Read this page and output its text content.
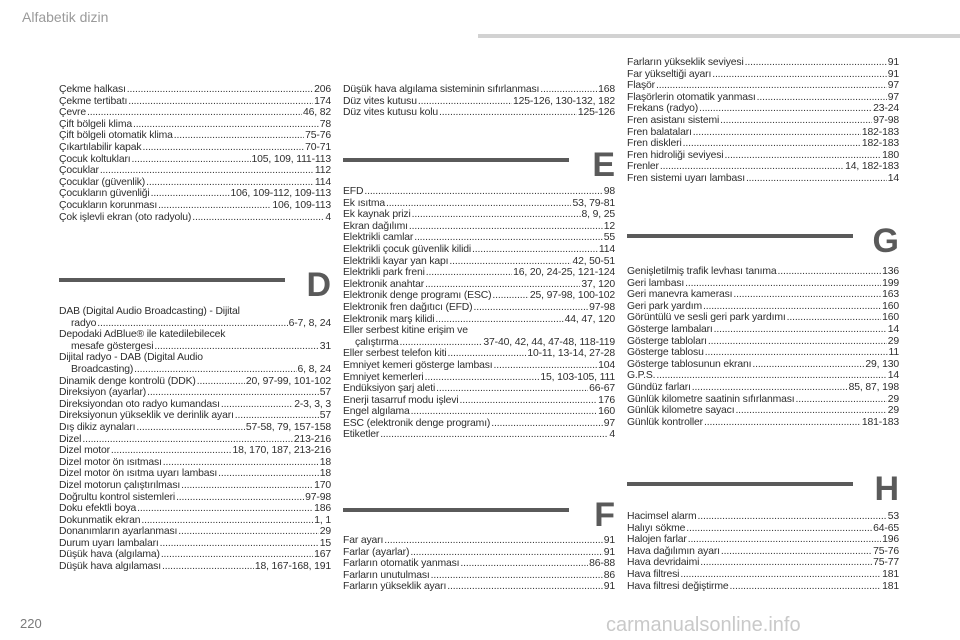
Alfabetik dizin
Çekme halkası .....	206
Çekme tertibatı .....	174
Çevre .....	46, 82
Çift bölgeli klima .....	78
Çift bölgeli otomatik klima .....	75-76
Çıkartılabilir kapak .....	70-71
Çocuk koltukları .....	105, 109, 111-113
Çocuklar .....	112
Çocuklar (güvenlik) .....	114
Çocukların güvenliği .....	106, 109-112, 109-113
Çocukların korunması .....	106, 109-113
Çok işlevli ekran (oto radyolu) .....	4
D
DAB (Digital Audio Broadcasting) - Dijital
radyo .....	6-7, 8, 24
Depodaki AdBlue® ile katedilebilecek
mesafe göstergesi .....	31
Dijital radyo - DAB (Digital Audio
Broadcasting) .....	6, 8, 24
Dinamik denge kontrolü (DDK) .....	20, 97-99, 101-102
Direksiyon (ayarlar) .....	57
Direksiyondan oto radyo kumandası .....	2-3, 3, 3
Direksiyonun yükseklik ve derinlik ayarı .....	57
Dış dikiz aynaları .....	57-58, 79, 157-158
Dizel .....	213-216
Dizel motor .....	18, 170, 187, 213-216
Dizel motor ön ısıtması .....	18
Dizel motor ön ısıtma uyarı lambası .....	18
Dizel motorun çalıştırılması .....	170
Doğrultu kontrol sistemleri .....	97-98
Doku efektli boya .....	186
Dokunmatik ekran .....	1, 1
Donanımların ayarlanması .....	29
Durum uyarı lambaları .....	15
Düşük hava (algılama) .....	167
Düşük hava algılaması .....	18, 167-168, 191
Düşük hava algılama sisteminin sıfırlanması .....	168
Düz vites kutusu .....	125-126, 130-132, 182
Düz vites kutusu kolu .....	125-126
E
EFD .....	98
Ek ısıtma .....	53, 79-81
Ek kaynak prizi .....	8, 9, 25
Ekran dağılımı .....	12
Elektrikli camlar .....	55
Elektrikli çocuk güvenlik kilidi .....	114
Elektrikli kayar yan kapı .....	42, 50-51
Elektrikli park freni .....	16, 20, 24-25, 121-124
Elektronik anahtar .....	37, 120
Elektronik denge programı (ESC) .....	25, 97-98, 100-102
Elektronik fren dağıtıcı (EFD) .....	97-98
Elektronik marş kilidi .....	44, 47, 120
Eller serbest kitine erişim ve
çalıştırma .....	37-40, 42, 44, 47-48, 118-119
Eller serbest telefon kiti .....	10-11, 13-14, 27-28
Emniyet kemeri gösterge lambası .....	104
Emniyet kemerleri .....	15, 103-105, 111
Endüksiyon şarj aleti .....	66-67
Enerji tasarruf modu işlevi .....	176
Engel algılama .....	160
ESC (elektronik denge programı) .....	97
Etiketler .....	4
F
Far ayarı .....	91
Farlar (ayarlar) .....	91
Farların otomatik yanması .....	86-88
Farların unutulması .....	86
Farların yükseklik ayarı .....	91
Farların yükseklik seviyesi .....	91
Far yükseltiği ayarı .....	91
Flaşör .....	97
Flaşörlerin otomatik yanması .....	97
Frekans (radyo) .....	23-24
Fren asistanı sistemi .....	97-98
Fren balataları .....	182-183
Fren diskleri .....	182-183
Fren hidroliği seviyesi .....	180
Frenler .....	14, 182-183
Fren sistemi uyarı lambası .....	14
G
Genişletilmiş trafik levhası tanıma .....	136
Geri lambası .....	199
Geri manevra kamerası .....	163
Geri park yardım .....	160
Görüntülü ve sesli geri park yardımı .....	160
Gösterge lambaları .....	14
Gösterge tabloları .....	29
Gösterge tablosu .....	11
Gösterge tablosunun ekranı .....	29, 130
G.P.S. .....	14
Gündüz farları .....	85, 87, 198
Günlük kilometre saatinin sıfırlanması .....	29
Günlük kilometre sayacı .....	29
Günlük kontroller .....	181-183
H
Hacimsel alarm .....	53
Halıyı sökme .....	64-65
Halojen farlar .....	196
Hava dağılımın ayarı .....	75-76
Hava devridaimi .....	75-77
Hava filtresi .....	181
Hava filtresi değiştirme .....	181
220	carmanualsonline.info
